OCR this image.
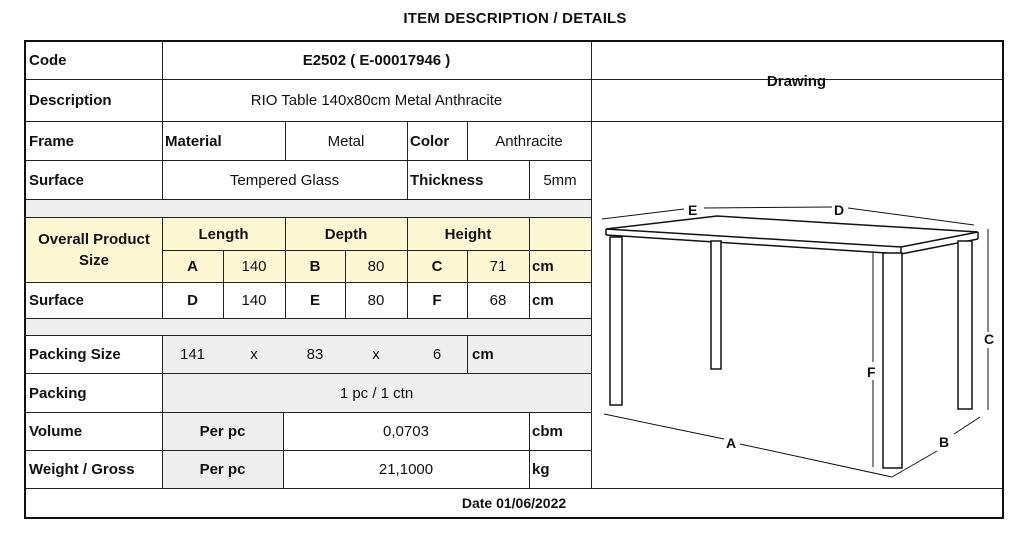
ITEM DESCRIPTION / DETAILS
Code	E2502 ( E-00017946 )
Drawing
Description	RIO Table 140x80cm Metal Anthracite
Frame	Material	Metal	Color	Anthracite
Surface	Tempered Glass	Thickness	5mm
Overall Product Size
Length	Depth	Height
A	140	B	80	C	71	cm
Surface	D	140	E	80	F	68	cm
Packing Size	141	x	83	x	6	cm
Packing	1 pc / 1 ctn
Volume	Per pc	0,0703	cbm
Weight / Gross	Per pc	21,1000	kg
Date 01/06/2022
E	D
C
F
A	B
